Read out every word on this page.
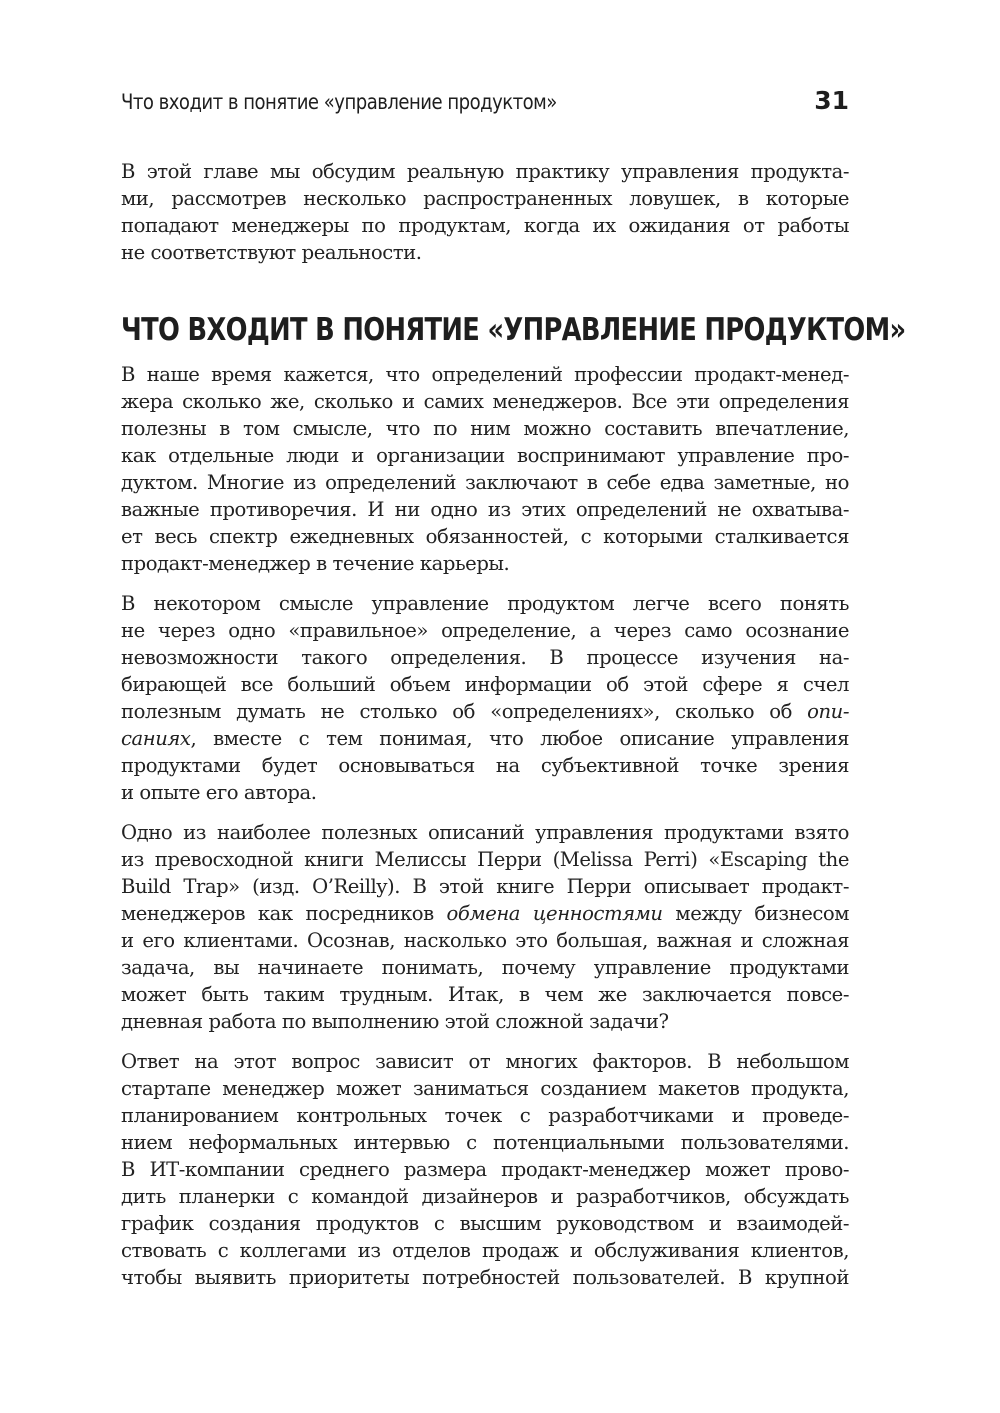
Что входит в понятие «управление продуктом»	31

В этой главе мы обсудим реальную практику управления продукта-
ми, рассмотрев несколько распространенных ловушек, в которые
попадают менеджеры по продуктам, когда их ожидания от работы
не соответствуют реальности.

ЧТО ВХОДИТ В ПОНЯТИЕ «УПРАВЛЕНИЕ ПРОДУКТОМ»

В наше время кажется, что определений профессии продакт-менед-
жера сколько же, сколько и самих менеджеров. Все эти определения
полезны в том смысле, что по ним можно составить впечатление,
как отдельные люди и организации воспринимают управление про-
дуктом. Многие из определений заключают в себе едва заметные, но
важные противоречия. И ни одно из этих определений не охватыва-
ет весь спектр ежедневных обязанностей, с которыми сталкивается
продакт-менеджер в течение карьеры.

В некотором смысле управление продуктом легче всего понять
не через одно «правильное» определение, а через само осознание
невозможности такого определения. В процессе изучения на-
бирающей все больший объем информации об этой сфере я счел
полезным думать не столько об «определениях», сколько об опи-
саниях, вместе с тем понимая, что любое описание управления
продуктами будет основываться на субъективной точке зрения
и опыте его автора.

Одно из наиболее полезных описаний управления продуктами взято
из превосходной книги Мелиссы Перри (Melissa Perri) «Escaping the
Build Trap» (изд. O’Reilly). В этой книге Перри описывает продакт-
менеджеров как посредников обмена ценностями между бизнесом
и его клиентами. Осознав, насколько это большая, важная и сложная
задача, вы начинаете понимать, почему управление продуктами
может быть таким трудным. Итак, в чем же заключается повсе-
дневная работа по выполнению этой сложной задачи?

Ответ на этот вопрос зависит от многих факторов. В небольшом
стартапе менеджер может заниматься созданием макетов продукта,
планированием контрольных точек с разработчиками и проведе-
нием неформальных интервью с потенциальными пользователями.
В ИТ-компании среднего размера продакт-менеджер может прово-
дить планерки с командой дизайнеров и разработчиков, обсуждать
график создания продуктов с высшим руководством и взаимодей-
ствовать с коллегами из отделов продаж и обслуживания клиентов,
чтобы выявить приоритеты потребностей пользователей. В крупной
